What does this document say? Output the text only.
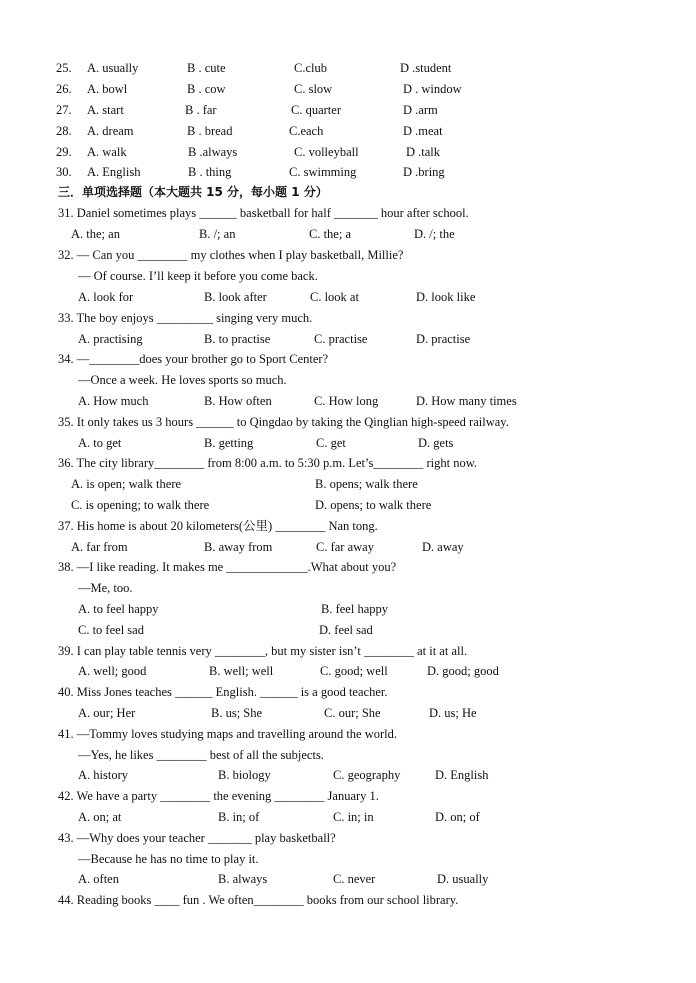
25. A. usually	B . cute	C.club	D .student
26. A. bowl	B . cow	C. slow	D . window
27. A. start	B . far	C. quarter	D .arm
28. A. dream	B . bread	C.each	D .meat
29. A. walk	B .always	C. volleyball	D .talk
30. A. English	B . thing	C. swimming	D .bring
三．单项选择题（本大题共 15 分，每小题 1 分）
31. Daniel sometimes plays ______ basketball for half _______ hour after school.
A. the; an	B. /; an	C. the; a	D. /; the
32. — Can you ________ my clothes when I play basketball, Millie?
— Of course. I’ll keep it before you come back.
A. look for	B. look after	C. look at	D. look like
33. The boy enjoys _________ singing very much.
A. practising	B. to practise	C. practise	D. practise
34. —________does your brother go to Sport Center?
—Once a week. He loves sports so much.
A. How much	B. How often	C. How long	D. How many times
35. It only takes us 3 hours ______ to Qingdao by taking the Qinglian high-speed railway.
A. to get	B. getting	C. get	D. gets
36. The city library________ from 8:00 a.m. to 5:30 p.m. Let’s________ right now.
A. is open; walk there	B. opens; walk there
C. is opening; to walk there	D. opens; to walk there
37. His home is about 20 kilometers(公里) ________ Nan tong.
A. far from	B. away from	C. far away	D. away
38. —I like reading. It makes me _____________.What about you?
—Me, too.
A. to feel happy	B. feel happy
C. to feel sad	D. feel sad
39. I can play table tennis very ________, but my sister isn’t ________ at it at all.
A. well; good	B. well; well	C. good; well	D. good; good
40. Miss Jones teaches ______ English. ______ is a good teacher.
A. our; Her	B. us; She	C. our; She	D. us; He
41. —Tommy loves studying maps and travelling around the world.
—Yes, he likes ________ best of all the subjects.
A. history	B. biology	C. geography	D. English
42. We have a party ________ the evening ________ January 1.
A. on; at	B. in; of	C. in; in	D. on; of
43. —Why does your teacher _______ play basketball?
—Because he has no time to play it.
A. often	B. always	C. never	D. usually
44. Reading books ____ fun . We often________ books from our school library.
